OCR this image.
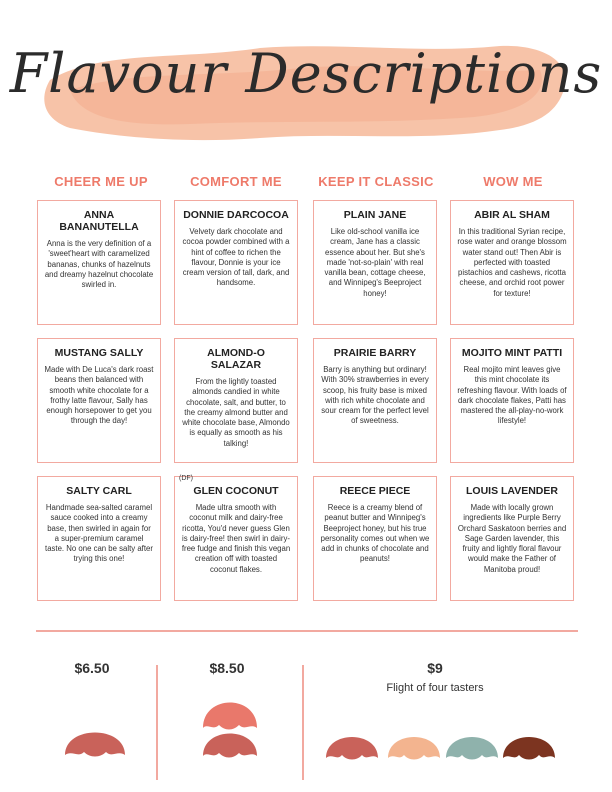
Flavour Descriptions
CHEER ME UP	COMFORT ME	KEEP IT CLASSIC	WOW ME

ANNA BANANUTELLA

Anna is the very definition of a 'sweet'heart with caramelized bananas, chunks of hazelnuts and dreamy hazelnut chocolate swirled in.

DONNIE DARCOCOA

Velvety dark chocolate and cocoa powder combined with a hint of coffee to richen the flavour, Donnie is your ice cream version of tall, dark, and handsome.

PLAIN JANE

Like old-school vanilla ice cream, Jane has a classic essence about her. But she's made 'not-so-plain' with real vanilla bean, cottage cheese, and Winnipeg's Beeproject honey!

ABIR AL SHAM

In this traditional Syrian recipe, rose water and orange blossom water stand out! Then Abir is perfected with toasted pistachios and cashews, ricotta cheese, and orchid root power for texture!

MUSTANG SALLY

Made with De Luca's dark roast beans then balanced with smooth white chocolate for a frothy latte flavour, Sally has enough horsepower to get you through the day!

ALMOND-O SALAZAR

From the lightly toasted almonds candied in white chocolate, salt, and butter, to the creamy almond butter and white chocolate base, Almondo is equally as smooth as his talking!

PRAIRIE BARRY

Barry is anything but ordinary! With 30% strawberries in every scoop, his fruity base is mixed with rich white chocolate and sour cream for the perfect level of sweetness.

MOJITO MINT PATTI

Real mojito mint leaves give this mint chocolate its refreshing flavour. With loads of dark chocolate flakes, Patti has mastered the all-play-no-work lifestyle!

SALTY CARL

Handmade sea-salted caramel sauce cooked into a creamy base, then swirled in again for a super-premium caramel taste. No one can be salty after trying this one!

(DF)

GLEN COCONUT

Made ultra smooth with coconut milk and dairy-free ricotta, You'd never guess Glen is dairy-free! then swirl in dairy-free fudge and finish this vegan creation off with toasted coconut flakes.

REECE PIECE

Reece is a creamy blend of peanut butter and Winnipeg's Beeproject honey, but his true personality comes out when we add in chunks of chocolate and peanuts!

LOUIS LAVENDER

Made with locally grown ingredients like Purple Berry Orchard Saskatoon berries and Sage Garden lavender, this fruity and lightly floral flavour would make the Father of Manitoba proud!

$6.50	$8.50	$9
Flight of four tasters
